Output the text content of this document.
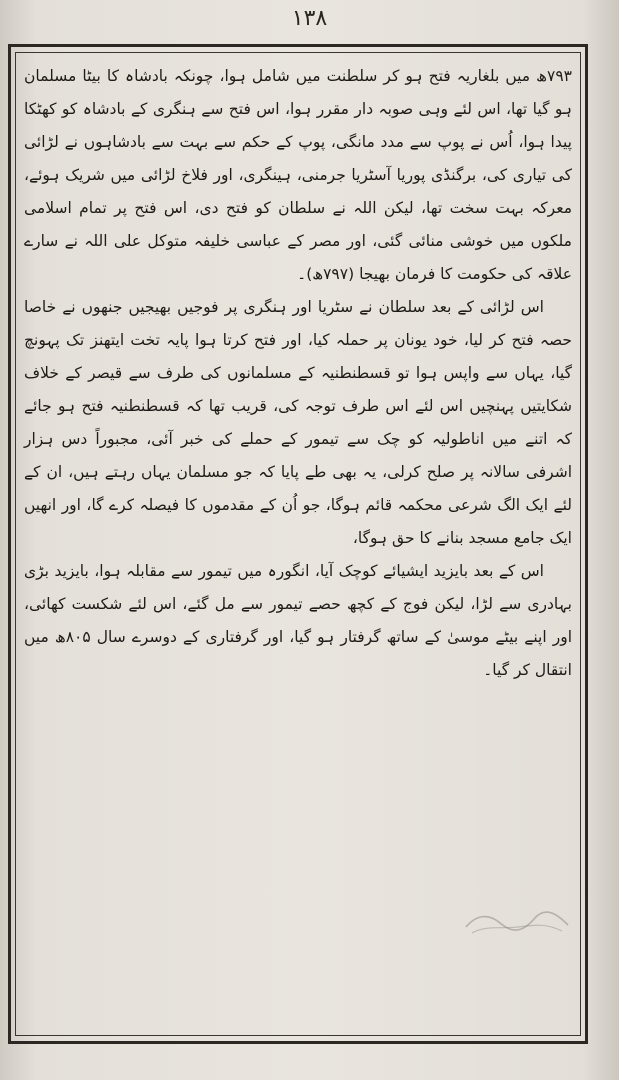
۱۳۸

۷۹۳ھ میں بلغاریہ فتح ہو کر سلطنت میں شامل ہوا، چونکہ بادشاہ کا بیٹا مسلمان ہو گیا تھا، اس لئے وہی صوبہ دار مقرر ہوا، اس فتح سے ہنگری کے بادشاہ کو کھٹکا پیدا ہوا، اُس نے پوپ سے مدد مانگی، پوپ کے حکم سے بہت سے بادشاہوں نے لڑائی کی تیاری کی، برگنڈی پوریا آسٹریا جرمنی، ہینگری، اور فلاخ لڑائی میں شریک ہوئے، معرکہ بہت سخت تھا، لیکن اللہ نے سلطان کو فتح دی، اس فتح پر تمام اسلامی ملکوں میں خوشی منائی گئی، اور مصر کے عباسی خلیفہ متوکل علی اللہ نے سارے علاقہ کی حکومت کا فرمان بھیجا (۷۹۷ھ)۔

اس لڑائی کے بعد سلطان نے سٹریا اور ہنگری پر فوجیں بھیجیں جنھوں نے خاصا حصہ فتح کر لیا، خود یونان پر حملہ کیا، اور فتح کرتا ہوا پایہ تخت ایتھنز تک پہونچ گیا، یہاں سے واپس ہوا تو قسطنطنیہ کے مسلمانوں کی طرف سے قیصر کے خلاف شکایتیں پہنچیں اس لئے اس طرف توجہ کی، قریب تھا کہ قسطنطنیہ فتح ہو جائے کہ اتنے میں اناطولیہ کو چک سے تیمور کے حملے کی خبر آئی، مجبوراً دس ہزار اشرفی سالانہ پر صلح کرلی، یہ بھی طے پایا کہ جو مسلمان یہاں رہتے ہیں، ان کے لئے ایک الگ شرعی محکمہ قائم ہوگا، جو اُن کے مقدموں کا فیصلہ کرے گا، اور انھیں ایک جامع مسجد بنانے کا حق ہوگا،

اس کے بعد بایزید ایشیائے کوچک آیا، انگورہ میں تیمور سے مقابلہ ہوا، بایزید بڑی بہادری سے لڑا، لیکن فوج کے کچھ حصے تیمور سے مل گئے، اس لئے شکست کھائی، اور اپنے بیٹے موسیٰ کے ساتھ گرفتار ہو گیا، اور گرفتاری کے دوسرے سال ۸۰۵ھ میں انتقال کر گیا۔
